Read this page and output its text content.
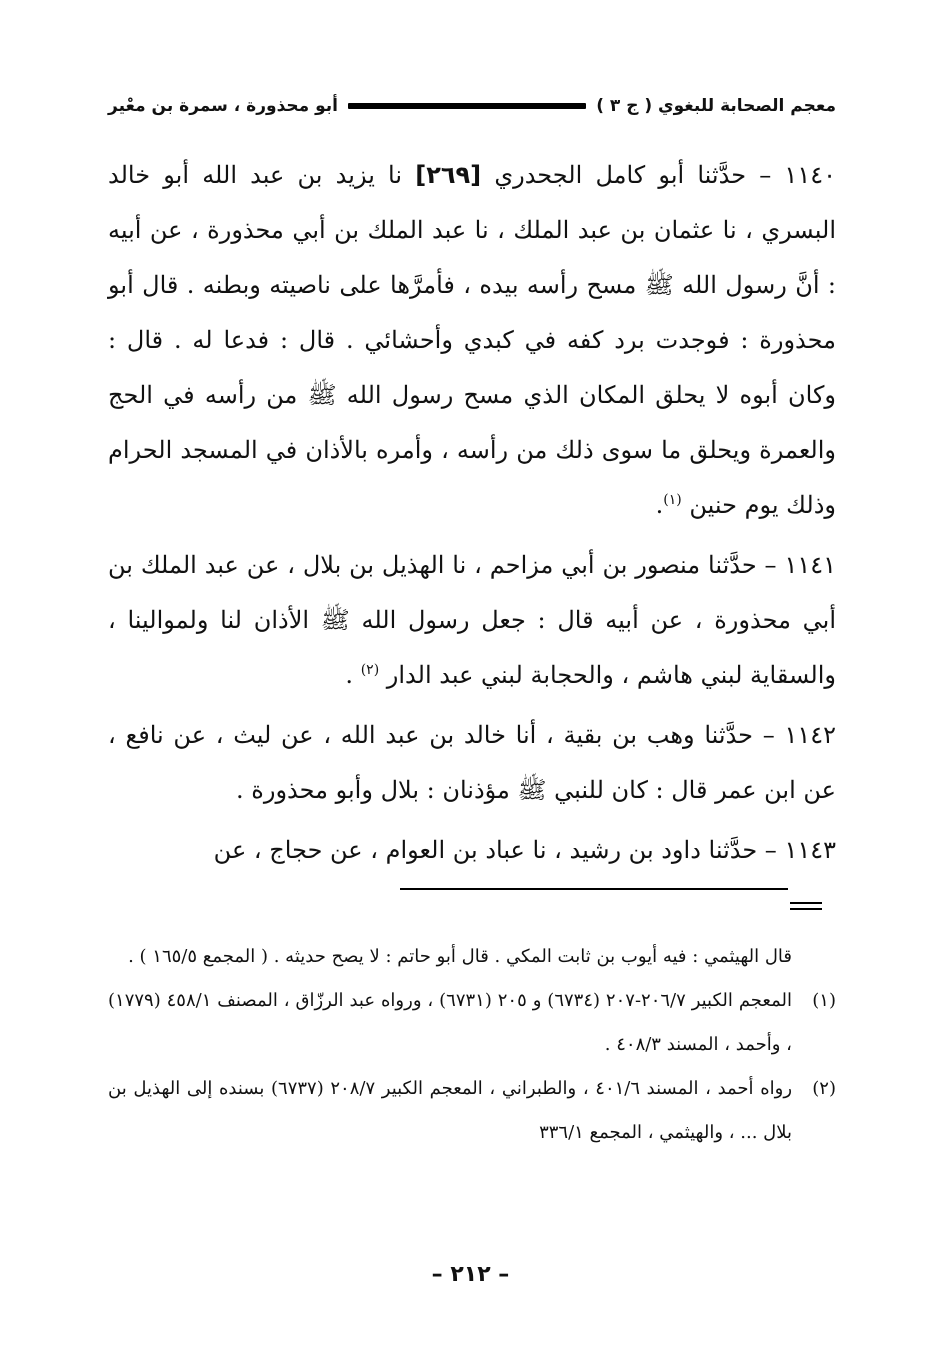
معجم الصحابة للبغوي ( ج ٣ )
أبو محذورة ، سمرة بن معْير

١١٤٠ – حدَّثنا أبو كامل الجحدري [٢٦٩] نا يزيد بن عبد الله أبو خالد البسري ، نا عثمان بن عبد الملك ، نا عبد الملك بن أبي محذورة ، عن أبيه : أنَّ رسول الله ﷺ مسح رأسه بيده ، فأمرَّها على ناصيته وبطنه . قال أبو محذورة : فوجدت برد كفه في كبدي وأحشائي . قال : فدعا له . قال : وكان أبوه لا يحلق المكان الذي مسح رسول الله ﷺ من رأسه في الحج والعمرة ويحلق ما سوى ذلك من رأسه ، وأمره بالأذان في المسجد الحرام وذلك يوم حنين $^{(١)}$.

١١٤١ – حدَّثنا منصور بن أبي مزاحم ، نا الهذيل بن بلال ، عن عبد الملك بن أبي محذورة ، عن أبيه قال : جعل رسول الله ﷺ الأذان لنا ولموالينا ، والسقاية لبني هاشم ، والحجابة لبني عبد الدار $^{(٢)}$ .

١١٤٢ – حدَّثنا وهب بن بقية ، أنا خالد بن عبد الله ، عن ليث ، عن نافع ، عن ابن عمر قال : كان للنبي ﷺ مؤذنان : بلال وأبو محذورة .

١١٤٣ – حدَّثنا داود بن رشيد ، نا عباد بن العوام ، عن حجاج ، عن

قال الهيثمي : فيه أيوب بن ثابت المكي . قال أبو حاتم : لا يصح حديثه . ( المجمع ١٦٥/٥ ) .
(١)
المعجم الكبير ٢٠٦/٧-٢٠٧ (٦٧٣٤) و ٢٠٥ (٦٧٣١) ، ورواه عبد الرزّاق ، المصنف ٤٥٨/١ (١٧٧٩) ، وأحمد ، المسند ٤٠٨/٣ .
(٢)
رواه أحمد ، المسند ٤٠١/٦ ، والطبراني ، المعجم الكبير ٢٠٨/٧ (٦٧٣٧) بسنده إلى الهذيل بن بلال ... ، والهيثمي ، المجمع ٣٣٦/١
– ٢١٢ –
